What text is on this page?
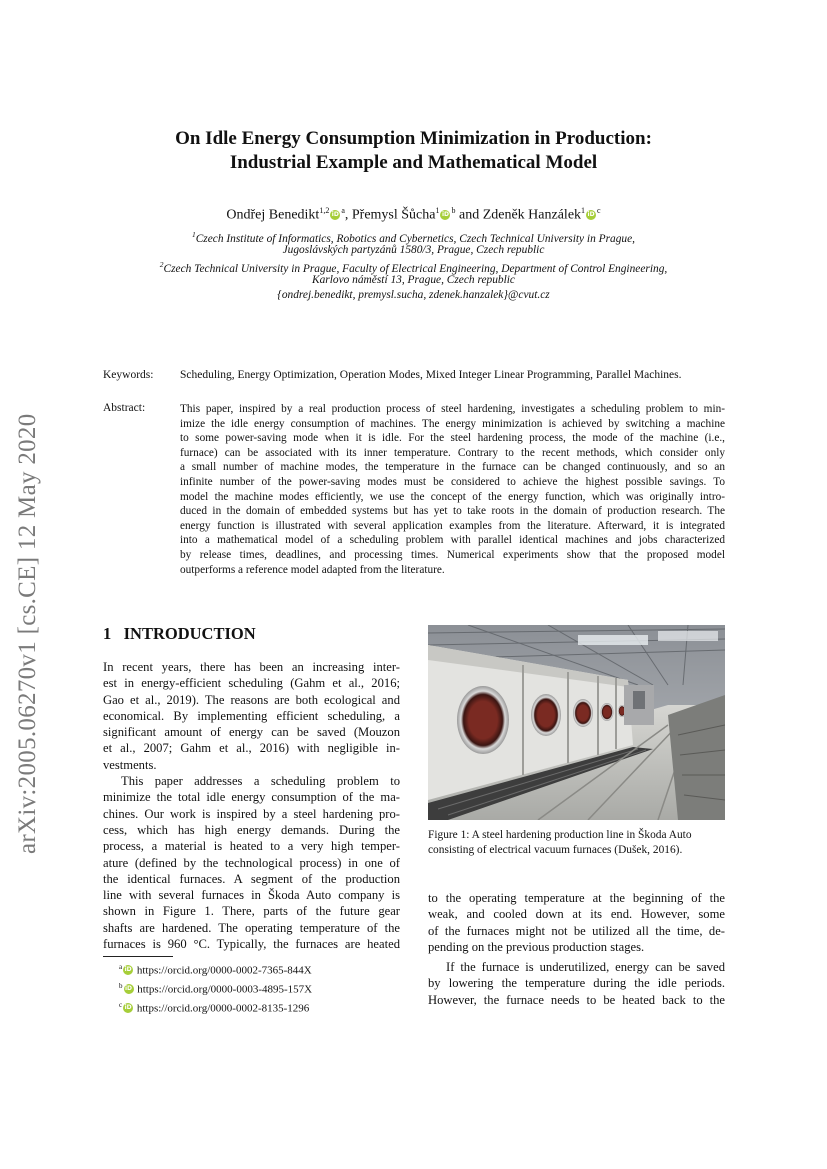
arXiv:2005.06270v1 [cs.CE] 12 May 2020
On Idle Energy Consumption Minimization in Production:
Industrial Example and Mathematical Model
Ondřej Benedikt$^{1,2}$ iD $^a$, Přemysl Šůcha$^1$ iD $^b$ and Zdeněk Hanzálek$^1$ iD $^c$
$^1$Czech Institute of Informatics, Robotics and Cybernetics, Czech Technical University in Prague,
Jugoslávských partyzánů 1580/3, Prague, Czech republic
$^2$Czech Technical University in Prague, Faculty of Electrical Engineering, Department of Control Engineering,
Karlovo náměstí 13, Prague, Czech republic
{ondrej.benedikt, premysl.sucha, zdenek.hanzalek}@cvut.cz
Keywords: Scheduling, Energy Optimization, Operation Modes, Mixed Integer Linear Programming, Parallel Machines.
Abstract:	This paper, inspired by a real production process of steel hardening, investigates a scheduling problem to min-
imize the idle energy consumption of machines. The energy minimization is achieved by switching a machine
to some power-saving mode when it is idle. For the steel hardening process, the mode of the machine (i.e.,
furnace) can be associated with its inner temperature. Contrary to the recent methods, which consider only
a small number of machine modes, the temperature in the furnace can be changed continuously, and so an
infinite number of the power-saving modes must be considered to achieve the highest possible savings. To
model the machine modes efficiently, we use the concept of the energy function, which was originally intro-
duced in the domain of embedded systems but has yet to take roots in the domain of production research. The
energy function is illustrated with several application examples from the literature. Afterward, it is integrated
into a mathematical model of a scheduling problem with parallel identical machines and jobs characterized
by release times, deadlines, and processing times. Numerical experiments show that the proposed model
outperforms a reference model adapted from the literature.
1 INTRODUCTION

In recent years, there has been an increasing inter-
est in energy-efficient scheduling (Gahm et al., 2016;
Gao et al., 2019). The reasons are both ecological and
economical. By implementing efficient scheduling, a
significant amount of energy can be saved (Mouzon
et al., 2007; Gahm et al., 2016) with negligible in-
vestments.

This paper addresses a scheduling problem to
minimize the total idle energy consumption of the ma-
chines. Our work is inspired by a steel hardening pro-
cess, which has high energy demands. During the
process, a material is heated to a very high temper-
ature (defined by the technological process) in one of
the identical furnaces. A segment of the production
line with several furnaces in Škoda Auto company is
shown in Figure 1. There, parts of the future gear
shafts are hardened. The operating temperature of the
furnaces is 960 °C. Typically, the furnaces are heated

Figure 1: A steel hardening production line in Škoda Auto
consisting of electrical vacuum furnaces (Dušek, 2016).

to the operating temperature at the beginning of the
weak, and cooled down at its end. However, some
of the furnaces might not be utilized all the time, de-
pending on the previous production stages.

If the furnace is underutilized, energy can be saved
by lowering the temperature during the idle periods.
However, the furnace needs to be heated back to the

$^a$ iD https://orcid.org/0000-0002-7365-844X
$^b$ iD https://orcid.org/0000-0003-4895-157X
$^c$ iD https://orcid.org/0000-0002-8135-1296
